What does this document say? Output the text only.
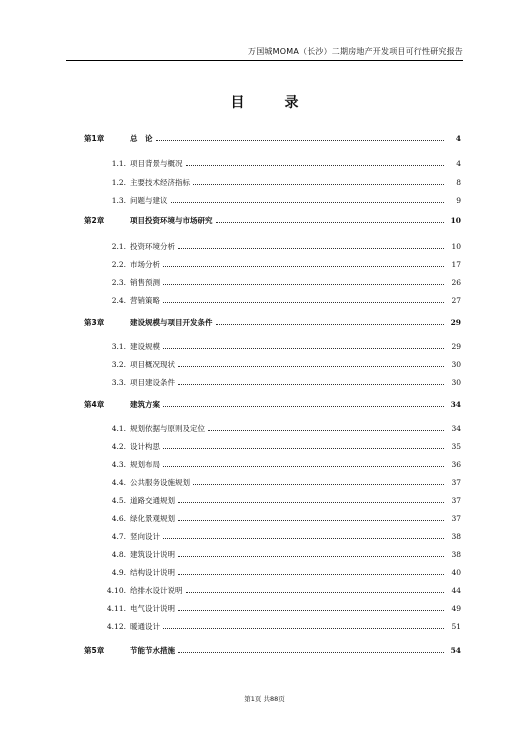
万国城MOMA（长沙）二期房地产开发项目可行性研究报告
目录
第1章	总　论	4
1.1. 项目背景与概况	4
1.2. 主要技术经济指标	8
1.3. 问题与建议	9
第2章	项目投资环境与市场研究	10
2.1. 投资环境分析	10
2.2. 市场分析	17
2.3. 销售预测	26
2.4. 营销策略	27
第3章	建设规模与项目开发条件	29
3.1. 建设规模	29
3.2. 项目概况现状	30
3.3. 项目建设条件	30
第4章	建筑方案	34
4.1. 规划依据与原则及定位	34
4.2. 设计构思	35
4.3. 规划布局	36
4.4. 公共服务设施规划	37
4.5. 道路交通规划	37
4.6. 绿化景观规划	37
4.7. 竖向设计	38
4.8. 建筑设计说明	38
4.9. 结构设计说明	40
4.10. 给排水设计说明	44
4.11. 电气设计说明	49
4.12. 暖通设计	51
第5章	节能节水措施	54
第1页 共88页
